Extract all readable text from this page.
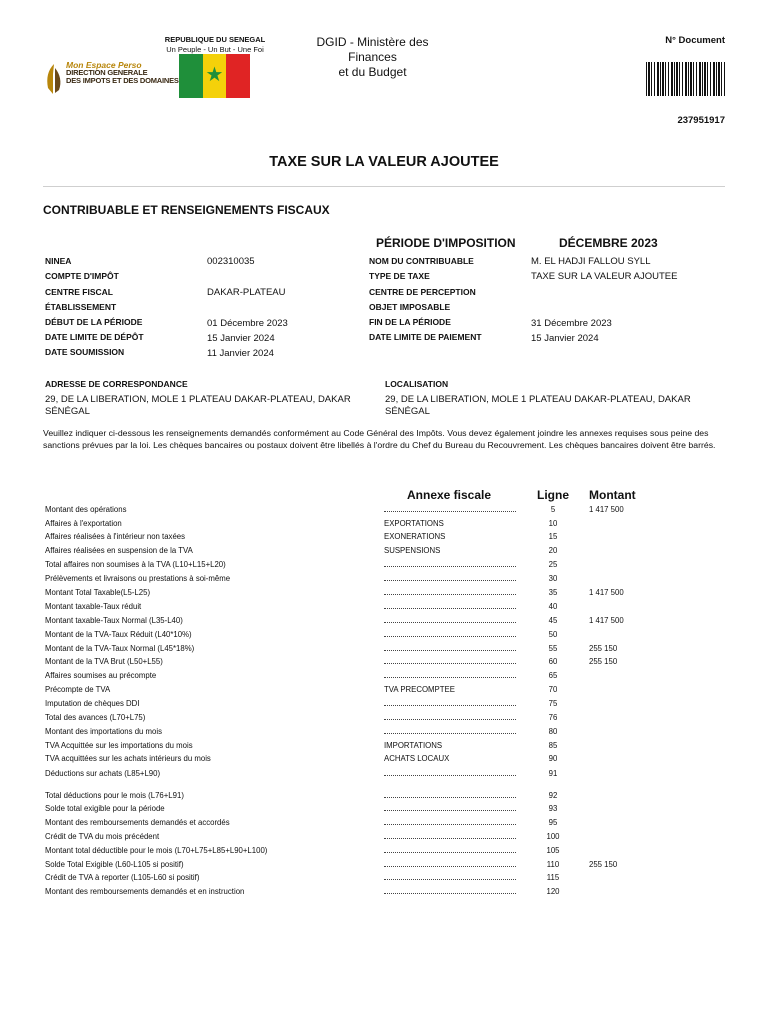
Mon Espace Perso
DIRECTION GENERALE
DES IMPOTS ET DES DOMAINES
REPUBLIQUE DU SENEGAL
Un Peuple - Un But - Une Foi
★
DGID - Ministère des
Finances
et du Budget
N° Document
237951917
TAXE SUR LA VALEUR AJOUTEE
CONTRIBUABLE ET RENSEIGNEMENTS FISCAUX
PÉRIODE D'IMPOSITION	DÉCEMBRE 2023
NINEA	002310035
COMPTE D'IMPÔT
CENTRE FISCAL	DAKAR-PLATEAU
ÉTABLISSEMENT
DÉBUT DE LA PÉRIODE	01 Décembre 2023
DATE LIMITE DE DÉPÔT	15 Janvier 2024
DATE SOUMISSION	11 Janvier 2024
NOM DU CONTRIBUABLE	M. EL HADJI FALLOU SYLL
TYPE DE TAXE	TAXE SUR LA VALEUR AJOUTEE
CENTRE DE PERCEPTION
OBJET IMPOSABLE
FIN DE LA PÉRIODE	31 Décembre 2023
DATE LIMITE DE PAIEMENT	15 Janvier 2024
ADRESSE DE CORRESPONDANCE
29, DE LA LIBERATION, MOLE 1 PLATEAU DAKAR-PLATEAU, DAKAR SÉNÉGAL
LOCALISATION
29, DE LA LIBERATION, MOLE 1 PLATEAU DAKAR-PLATEAU, DAKAR SÉNÉGAL
Veuillez indiquer ci-dessous les renseignements demandés conformément au Code Général des Impôts. Vous devez également joindre les annexes requises sous peine des sanctions prévues par la loi. Les chèques bancaires ou postaux doivent être libellés à l'ordre du Chef du Bureau du Recouvrement. Les chèques bancaires doivent être barrés.
Annexe fiscale	Ligne Montant
Montant des opérations	5	1 417 500
Affaires à l'exportation	EXPORTATIONS	10
Affaires réalisées à l'intérieur non taxées	EXONERATIONS	15
Affaires réalisées en suspension de la TVA	SUSPENSIONS	20
Total affaires non soumises à la TVA (L10+L15+L20)	25
Prélèvements et livraisons ou prestations à soi-même	30
Montant Total Taxable(L5-L25)	35	1 417 500
Montant taxable-Taux réduit	40
Montant taxable-Taux Normal (L35-L40)	45	1 417 500
Montant de la TVA-Taux Réduit (L40*10%)	50
Montant de la TVA-Taux Normal (L45*18%)	55	255 150
Montant de la TVA Brut (L50+L55)	60	255 150
Affaires soumises au précompte	65
Précompte de TVA	TVA PRECOMPTEE	70
Imputation de chèques DDI	75
Total des avances (L70+L75)	76
Montant des importations du mois	80
TVA Acquittée sur les importations du mois	IMPORTATIONS	85
TVA acquittées sur les achats intérieurs du mois	ACHATS LOCAUX	90
Déductions sur achats (L85+L90)	91
Total déductions pour le mois (L76+L91)	92
Solde total exigible pour la période	93
Montant des remboursements demandés et accordés	95
Crédit de TVA du mois précédent	100
Montant total déductible pour le mois (L70+L75+L85+L90+L100)	105
Solde Total Exigible (L60-L105 si positif)	110	255 150
Crédit de TVA à reporter (L105-L60 si positif)	115
Montant des remboursements demandés et en instruction	120
